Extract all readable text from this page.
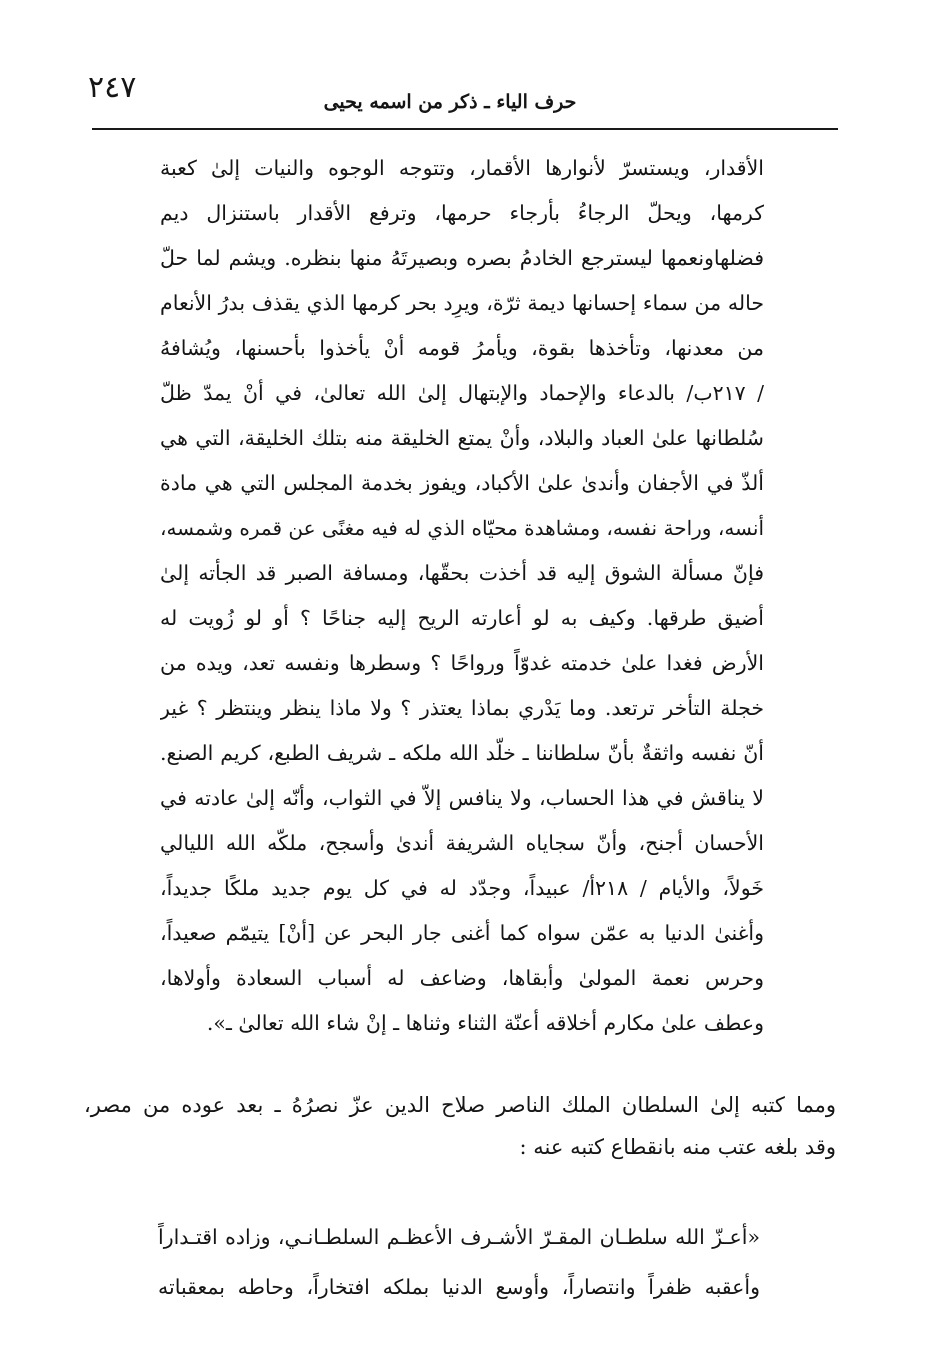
٢٤٧	حرف الياء ـ ذكر من اسمه يحيى
الأقدار، ويستسرّ لأنوارها الأقمار، وتتوجه الوجوه والنيات إلىٰ كعبة
كرمها، ويحلّ الرجاءُ بأرجاء حرمها، وترفع الأقدار باستنزال ديم
فضلهاونعمها ليسترجع الخادمُ بصره وبصيرتَهُ منها بنظره. ويشم لما حلّ
حاله من سماء إحسانها ديمة ثرّة، ويرِد بحر كرمها الذي يقذف بدرُ الأنعام
من معدنها، وتأخذها بقوة، ويأمرُ قومه أنْ يأخذوا بأحسنها، ويُشافهُ
/ ٢١٧ب/ بالدعاء والإحماد والإبتهال إلىٰ الله تعالىٰ، في أنْ يمدّ ظلّ
سُلطانها علىٰ العباد والبلاد، وأنْ يمتع الخليقة منه بتلك الخليقة، التي هي
ألذّ في الأجفان وأندىٰ علىٰ الأكباد، ويفوز بخدمة المجلس التي هي مادة
أنسه، وراحة نفسه، ومشاهدة محيّاه الذي له فيه مغنًى عن قمره وشمسه،
فإنّ مسألة الشوق إليه قد أخذت بحقّها، ومسافة الصبر قد الجأته إلىٰ
أضيق طرقها. وكيف به لو أعارته الريح إليه جناحًا ؟ أو لو زُويت له
الأرض فغدا علىٰ خدمته غدوّاً ورواحًا ؟ وسطرها ونفسه تعد، ويده من
خجلة التأخر ترتعد. وما يَدْري بماذا يعتذر ؟ ولا ماذا ينظر وينتظر ؟ غير
أنّ نفسه واثقةٌ بأنّ سلطاننا ـ خلّد الله ملكه ـ شريف الطبع، كريم الصنع.
لا يناقش في هذا الحساب، ولا ينافس إلاّ في الثواب، وأنّه إلىٰ عادته في
الأحسان أجنح، وأنّ سجاياه الشريفة أندىٰ وأسجح، ملكّه الله الليالي
خَولاً، والأيام / ٢١٨أ/ عبيداً، وجدّد له في كل يوم جديد ملكًا جديداً،
وأغنىٰ الدنيا به عمّن سواه كما أغنى جار البحر عن [أنْ] يتيمّم صعيداً،
وحرس نعمة المولىٰ وأبقاها، وضاعف له أسباب السعادة وأولاها،
وعطف علىٰ مكارم أخلاقه أعنّة الثناء وثناها ـ إنْ شاء الله تعالىٰ ـ».
ومما كتبه إلىٰ السلطان الملك الناصر صلاح الدين عزّ نصرُهُ ـ بعد عوده من مصر،
وقد بلغه عتب منه بانقطاع كتبه عنه :
«أعـزّ الله سلطـان المقـرّ الأشـرف الأعظـم السلطـانـي، وزاده اقتـداراً
وأعقبه ظفراً وانتصاراً، وأوسع الدنيا بملكه افتخاراً، وحاطه بمعقباته
